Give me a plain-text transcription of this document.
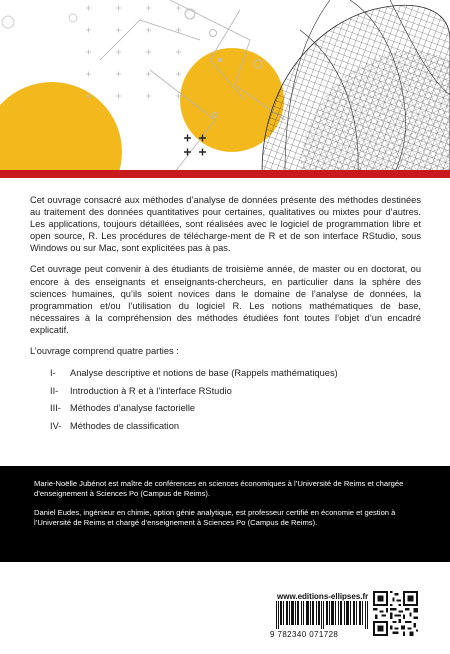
Cet ouvrage consacré aux méthodes d’analyse de données présente des méthodes destinées au traitement des données quantitatives pour certaines, qualitatives ou mixtes pour d’autres. Les applications, toujours détaillées, sont réalisées avec le logiciel de programmation libre et open source, R. Les procédures de télécharge-ment de R et de son interface RStudio, sous Windows ou sur Mac, sont explicitées pas à pas.

Cet ouvrage peut convenir à des étudiants de troisième année, de master ou en doctorat, ou encore à des enseignants et enseignants-chercheurs, en particulier dans la sphère des sciences humaines, qu’ils soient novices dans le domaine de l’analyse de données, la programmation et/ou l’utilisation du logiciel R. Les notions mathématiques de base, nécessaires à la compréhension des méthodes étudiées font toutes l’objet d’un encadré explicatif.

L’ouvrage comprend quatre parties :

I-	Analyse descriptive et notions de base (Rappels mathématiques)
II-	Introduction à R et à l’interface RStudio
III- Méthodes d’analyse factorielle
IV- Méthodes de classification

Marie-Noëlle Jubénot est maître de conférences en sciences économiques à l’Université de Reims et chargée d’enseignement à Sciences Po (Campus de Reims).

Daniel Eudes, ingénieur en chimie, option génie analytique, est professeur certifié en économie et gestion à l’Université de Reims et chargé d’enseignement à Sciences Po (Campus de Reims).

www.editions-ellipses.fr
9 782340 071728
